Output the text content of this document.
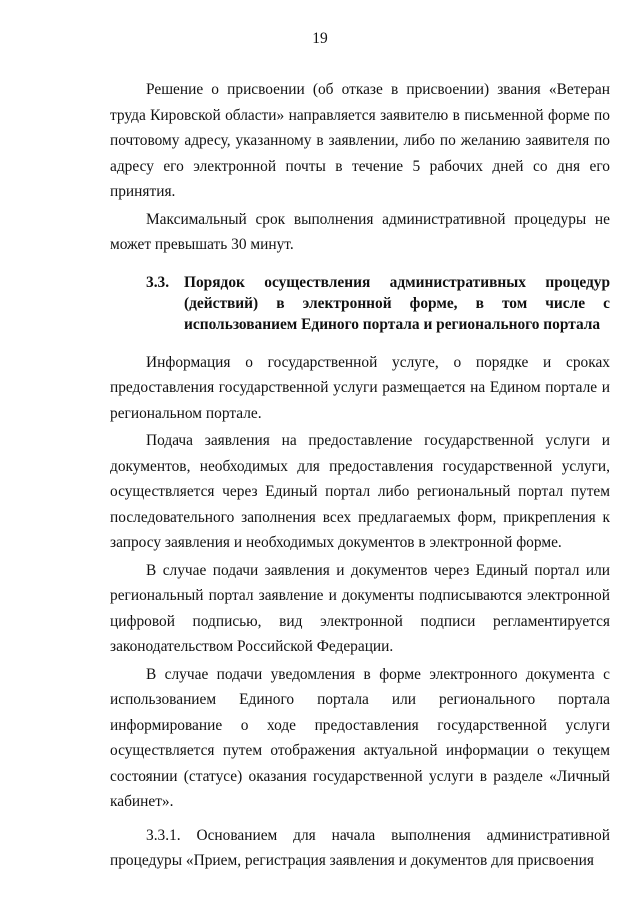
19

Решение о присвоении (об отказе в присвоении) звания «Ветеран труда Кировской области» направляется заявителю в письменной форме по почтовому адресу, указанному в заявлении, либо по желанию заявителя по адресу его электронной почты в течение 5 рабочих дней со дня его принятия.

Максимальный срок выполнения административной процедуры не может превышать 30 минут.

3.3. Порядок осуществления административных процедур (действий) в электронной форме, в том числе с использованием Единого портала и регионального портала

Информация о государственной услуге, о порядке и сроках предоставления государственной услуги размещается на Едином портале и региональном портале.

Подача заявления на предоставление государственной услуги и документов, необходимых для предоставления государственной услуги, осуществляется через Единый портал либо региональный портал путем последовательного заполнения всех предлагаемых форм, прикрепления к запросу заявления и необходимых документов в электронной форме.

В случае подачи заявления и документов через Единый портал или региональный портал заявление и документы подписываются электронной цифровой подписью, вид электронной подписи регламентируется законодательством Российской Федерации.

В случае подачи уведомления в форме электронного документа с использованием Единого портала или регионального портала информирование о ходе предоставления государственной услуги осуществляется путем отображения актуальной информации о текущем состоянии (статусе) оказания государственной услуги в разделе «Личный кабинет».

3.3.1. Основанием для начала выполнения административной процедуры «Прием, регистрация заявления и документов для присвоения
